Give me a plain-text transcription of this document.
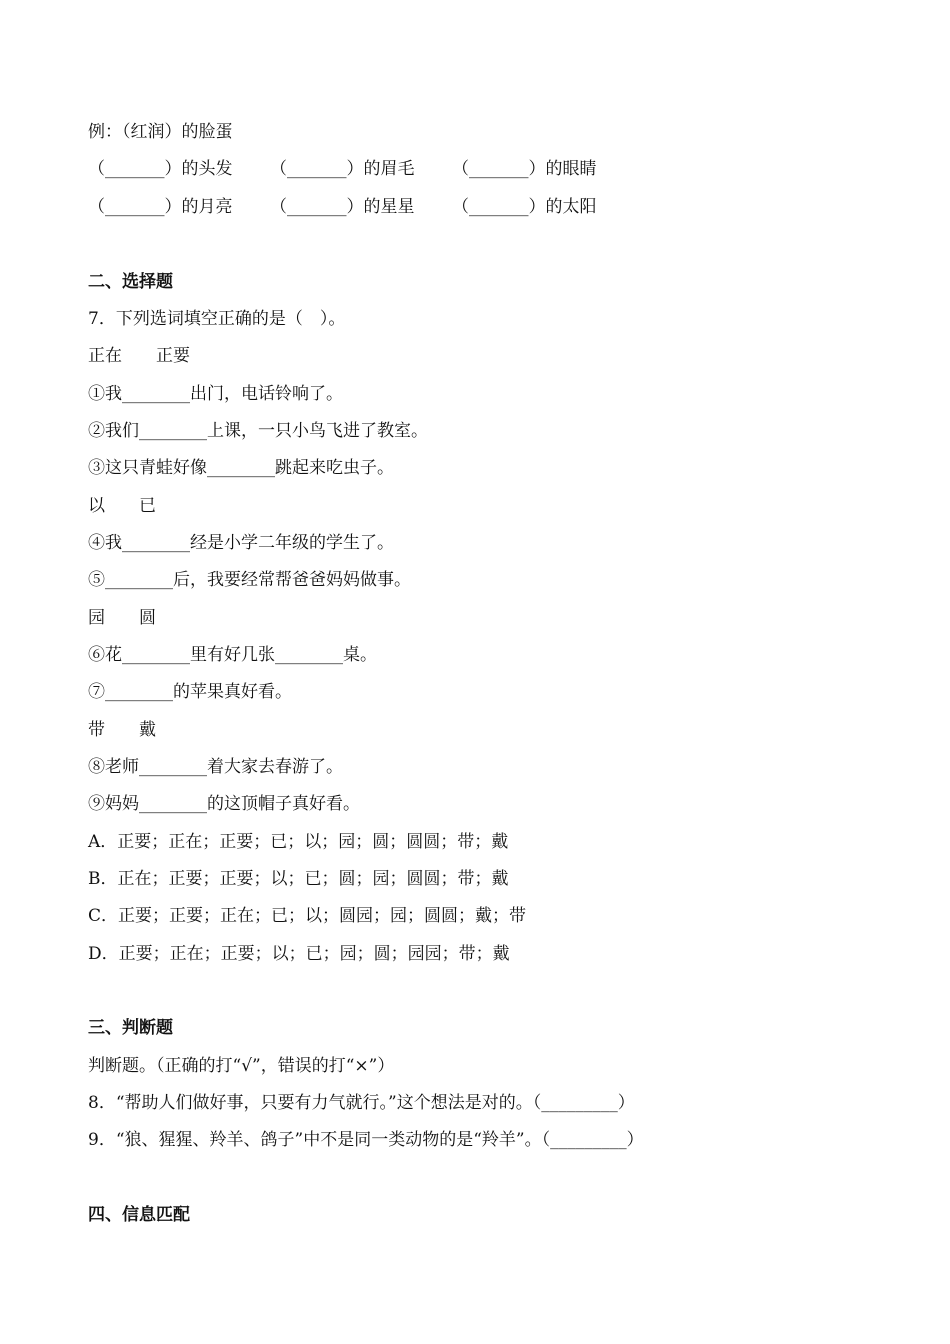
例：（红润）的脸蛋
（_______）的头发 （_______）的眉毛 （_______）的眼睛
（_______）的月亮 （_______）的星星 （_______）的太阳
二、选择题
7．下列选词填空正确的是（　）。
正在　　正要
①我________出门，电话铃响了。
②我们________上课，一只小鸟飞进了教室。
③这只青蛙好像________跳起来吃虫子。
以　　已
④我________经是小学二年级的学生了。
⑤________后，我要经常帮爸爸妈妈做事。
园　　圆
⑥花________里有好几张________桌。
⑦________的苹果真好看。
带　　戴
⑧老师________着大家去春游了。
⑨妈妈________的这顶帽子真好看。
A．正要；正在；正要；已；以；园；圆；圆圆；带；戴
B．正在；正要；正要；以；已；圆；园；圆圆；带；戴
C．正要；正要；正在；已；以；圆园；园；圆圆；戴；带
D．正要；正在；正要；以；已；园；圆；园园；带；戴
三、判断题
判断题。（正确的打“√”，错误的打“×”）
8．“帮助人们做好事，只要有力气就行。”这个想法是对的。（_________）
9．“狼、猩猩、羚羊、鸽子”中不是同一类动物的是“羚羊”。（_________）
四、信息匹配
